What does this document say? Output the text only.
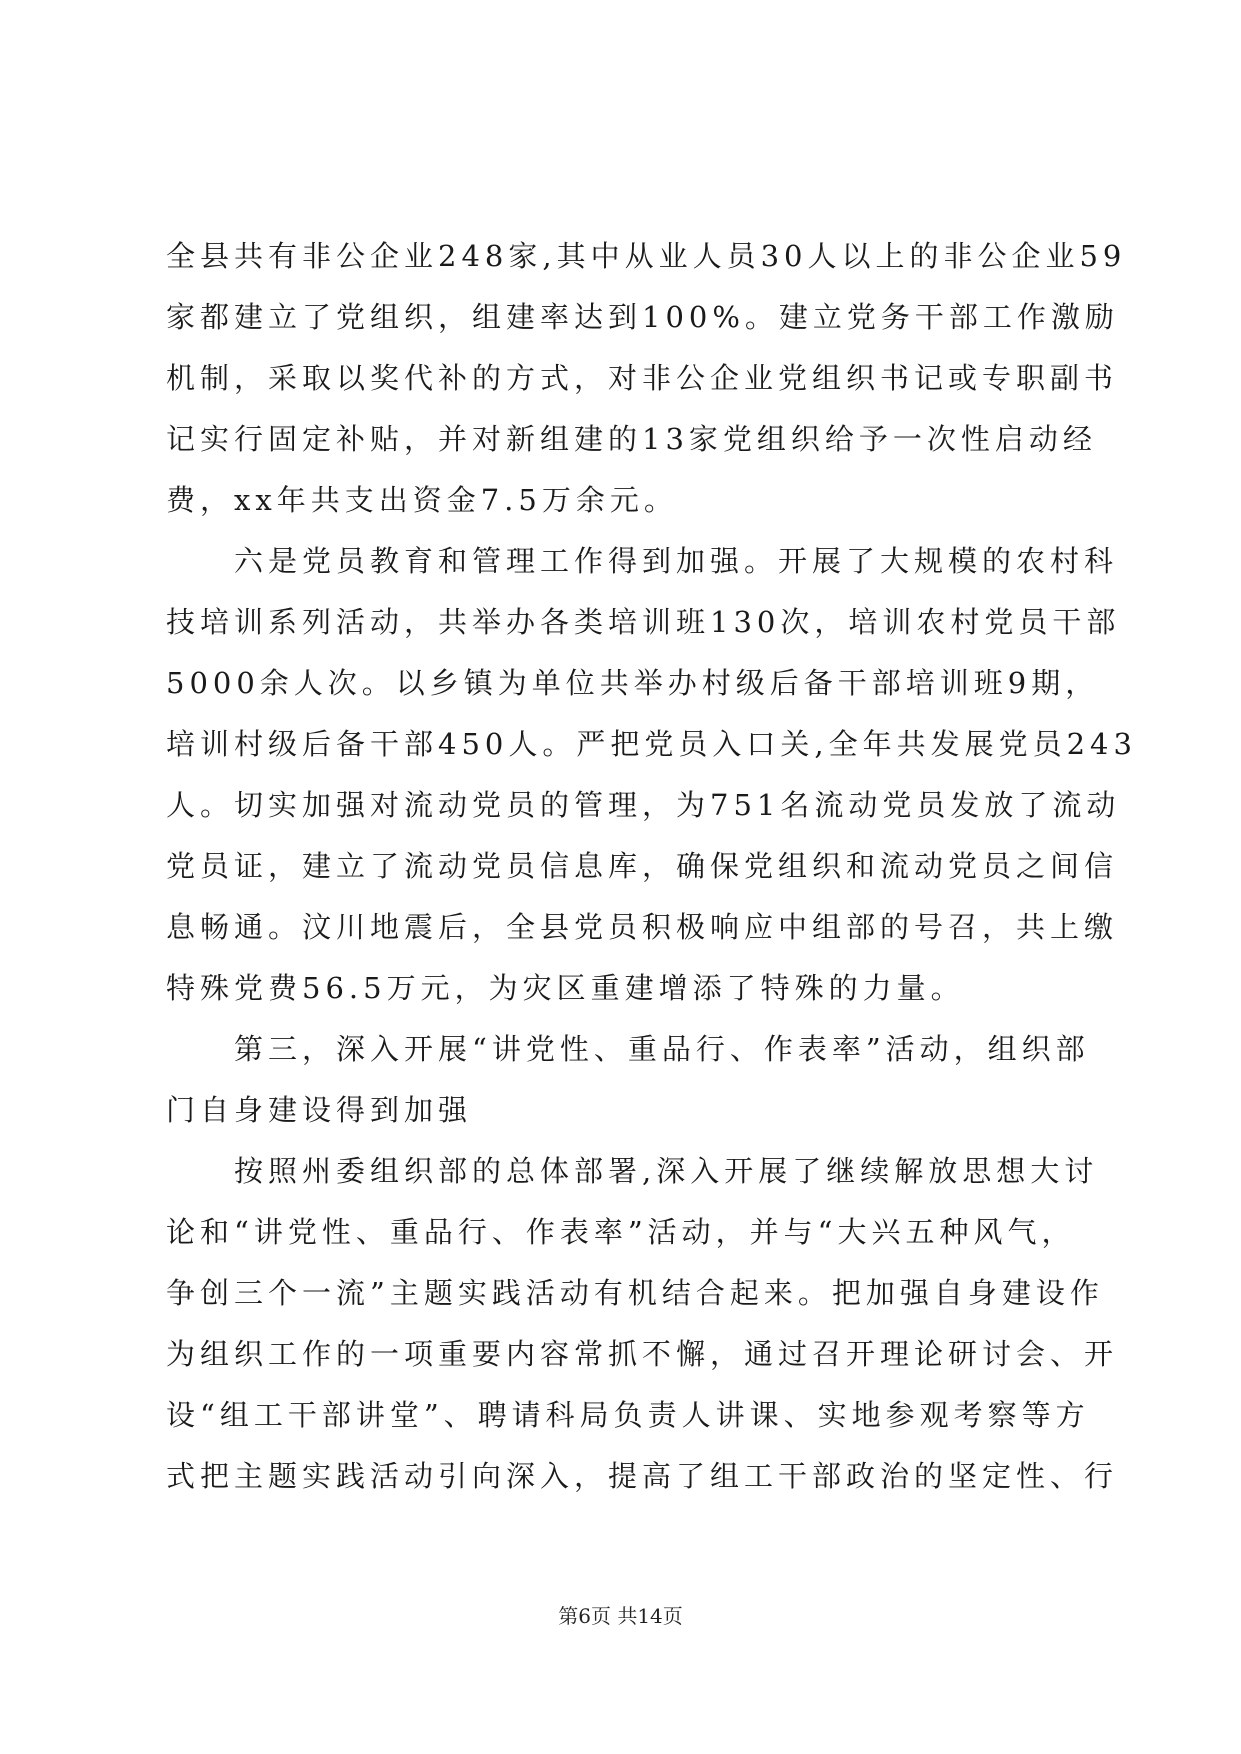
全县共有非公企业248家,其中从业人员30人以上的非公企业59
家都建立了党组织，组建率达到100%。建立党务干部工作激励
机制，采取以奖代补的方式，对非公企业党组织书记或专职副书
记实行固定补贴，并对新组建的13家党组织给予一次性启动经
费，xx年共支出资金7.5万余元。
　　六是党员教育和管理工作得到加强。开展了大规模的农村科
技培训系列活动，共举办各类培训班130次，培训农村党员干部
5000余人次。以乡镇为单位共举办村级后备干部培训班9期，
培训村级后备干部450人。严把党员入口关,全年共发展党员243
人。切实加强对流动党员的管理，为751名流动党员发放了流动
党员证，建立了流动党员信息库，确保党组织和流动党员之间信
息畅通。汶川地震后，全县党员积极响应中组部的号召，共上缴
特殊党费56.5万元，为灾区重建增添了特殊的力量。
　　第三，深入开展“讲党性、重品行、作表率”活动，组织部
门自身建设得到加强
　　按照州委组织部的总体部署,深入开展了继续解放思想大讨
论和“讲党性、重品行、作表率”活动，并与“大兴五种风气，
争创三个一流”主题实践活动有机结合起来。把加强自身建设作
为组织工作的一项重要内容常抓不懈，通过召开理论研讨会、开
设“组工干部讲堂”、聘请科局负责人讲课、实地参观考察等方
式把主题实践活动引向深入，提高了组工干部政治的坚定性、行
第6页 共14页
